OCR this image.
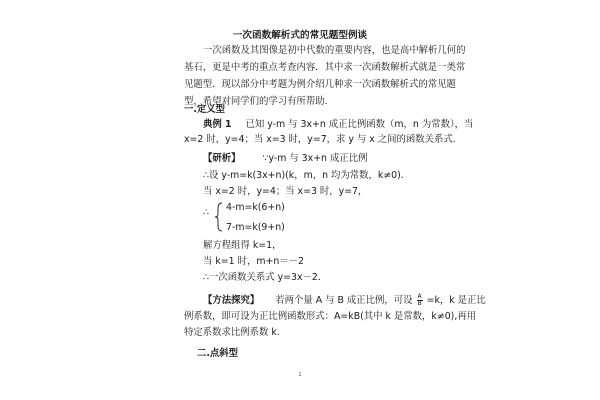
一次函数解析式的常见题型例谈
一次函数及其图像是初中代数的重要内容，也是高中解析几何的
基石，更是中考的重点考查内容．其中求一次函数解析式就是一类常
见题型．现以部分中考题为例介绍几种求一次函数解析式的常见题
型，希望对同学们的学习有所帮助．
一.定义型
典例 1 已知 y-m 与 3x+n 成正比例函数（m，n 为常数），当
x=2 时，y=4；当 x=3 时，y=7，求 y 与 x 之间的函数关系式.
【研析】 ∵y-m 与 3x+n 成正比例
∴设 y-m=k(3x+n)(k，m，n 均为常数，k≠0).
当 x=2 时，y=4；当 x=3 时，y=7，
∴ 4-m=k(6+n)
7-m=k(9+n)
解方程组得 k=1，
当 k=1 时，m+n＝－2
∴一次函数关系式 y=3x－2．
【方法探究】 若两个量 A 与 B 成正比例，可设 $\frac{A}{B} =k$，k 是正比
例系数，即可设为正比例函数形式：A=kB(其中 k 是常数，k≠0),再用
特定系数求比例系数 k.
二.点斜型
1
